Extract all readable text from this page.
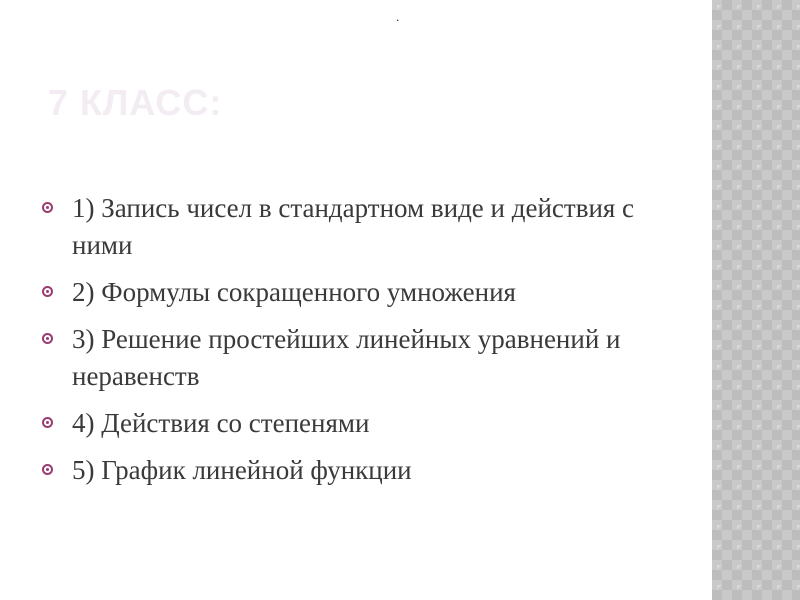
.
7 КЛАСС:
1) Запись чисел в стандартном виде и действия с ними
2) Формулы сокращенного умножения
3) Решение простейших линейных уравнений и неравенств
4) Действия со степенями
5) График линейной функции
